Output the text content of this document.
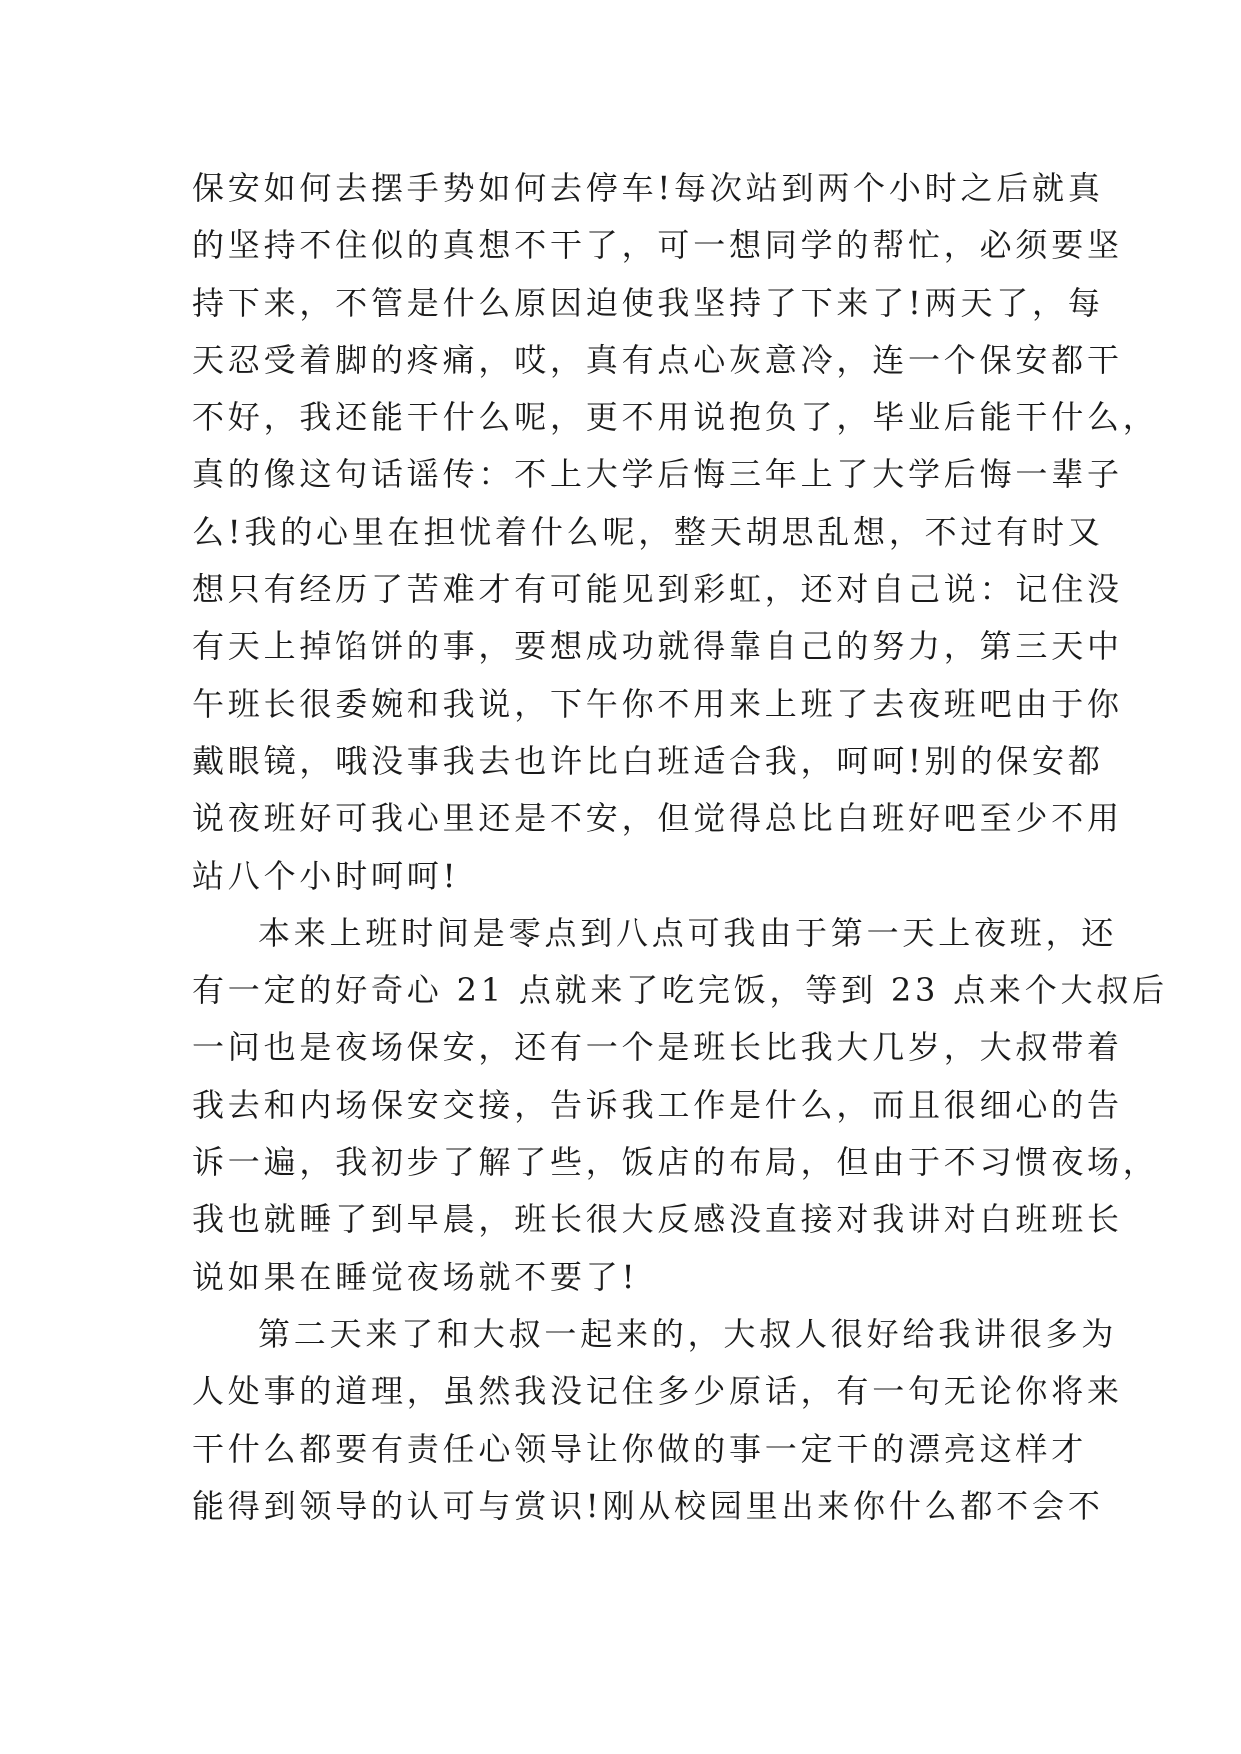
保安如何去摆手势如何去停车!每次站到两个小时之后就真
的坚持不住似的真想不干了，可一想同学的帮忙，必须要坚
持下来，不管是什么原因迫使我坚持了下来了!两天了，每
天忍受着脚的疼痛，哎，真有点心灰意冷，连一个保安都干
不好，我还能干什么呢，更不用说抱负了，毕业后能干什么，
真的像这句话谣传：不上大学后悔三年上了大学后悔一辈子
么!我的心里在担忧着什么呢，整天胡思乱想，不过有时又
想只有经历了苦难才有可能见到彩虹，还对自己说：记住没
有天上掉馅饼的事，要想成功就得靠自己的努力，第三天中
午班长很委婉和我说，下午你不用来上班了去夜班吧由于你
戴眼镜，哦没事我去也许比白班适合我，呵呵!别的保安都
说夜班好可我心里还是不安，但觉得总比白班好吧至少不用
站八个小时呵呵!
本来上班时间是零点到八点可我由于第一天上夜班，还
有一定的好奇心 21 点就来了吃完饭，等到 23 点来个大叔后
一问也是夜场保安，还有一个是班长比我大几岁，大叔带着
我去和内场保安交接，告诉我工作是什么，而且很细心的告
诉一遍，我初步了解了些，饭店的布局，但由于不习惯夜场，
我也就睡了到早晨，班长很大反感没直接对我讲对白班班长
说如果在睡觉夜场就不要了!
第二天来了和大叔一起来的，大叔人很好给我讲很多为
人处事的道理，虽然我没记住多少原话，有一句无论你将来
干什么都要有责任心领导让你做的事一定干的漂亮这样才
能得到领导的认可与赏识!刚从校园里出来你什么都不会不
